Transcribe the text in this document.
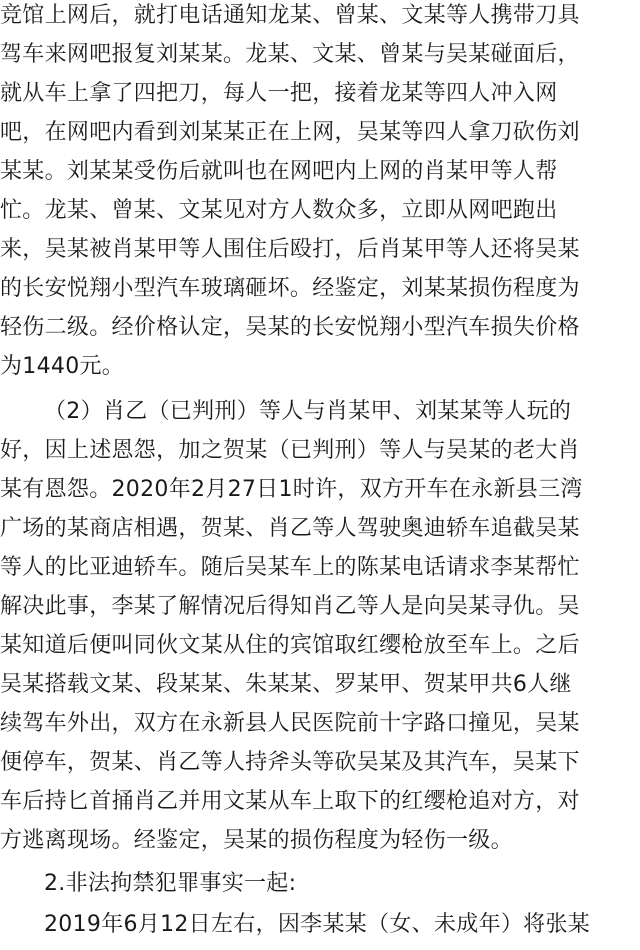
竞馆上网后，就打电话通知龙某、曾某、文某等人携带刀具
驾车来网吧报复刘某某。龙某、文某、曾某与吴某碰面后，
就从车上拿了四把刀，每人一把，接着龙某等四人冲入网
吧，在网吧内看到刘某某正在上网，吴某等四人拿刀砍伤刘
某某。刘某某受伤后就叫也在网吧内上网的肖某甲等人帮
忙。龙某、曾某、文某见对方人数众多，立即从网吧跑出
来，吴某被肖某甲等人围住后殴打，后肖某甲等人还将吴某
的长安悦翔小型汽车玻璃砸坏。经鉴定，刘某某损伤程度为
轻伤二级。经价格认定，吴某的长安悦翔小型汽车损失价格
为1440元。
（2）肖乙（已判刑）等人与肖某甲、刘某某等人玩的
好，因上述恩怨，加之贺某（已判刑）等人与吴某的老大肖
某有恩怨。2020年2月27日1时许，双方开车在永新县三湾
广场的某商店相遇，贺某、肖乙等人驾驶奥迪轿车追截吴某
等人的比亚迪轿车。随后吴某车上的陈某电话请求李某帮忙
解决此事，李某了解情况后得知肖乙等人是向吴某寻仇。吴
某知道后便叫同伙文某从住的宾馆取红缨枪放至车上。之后
吴某搭载文某、段某某、朱某某、罗某甲、贺某甲共6人继
续驾车外出，双方在永新县人民医院前十字路口撞见，吴某
便停车，贺某、肖乙等人持斧头等砍吴某及其汽车，吴某下
车后持匕首捅肖乙并用文某从车上取下的红缨枪追对方，对
方逃离现场。经鉴定，吴某的损伤程度为轻伤一级。
2.非法拘禁犯罪事实一起:
2019年6月12日左右，因李某某（女、未成年）将张某
